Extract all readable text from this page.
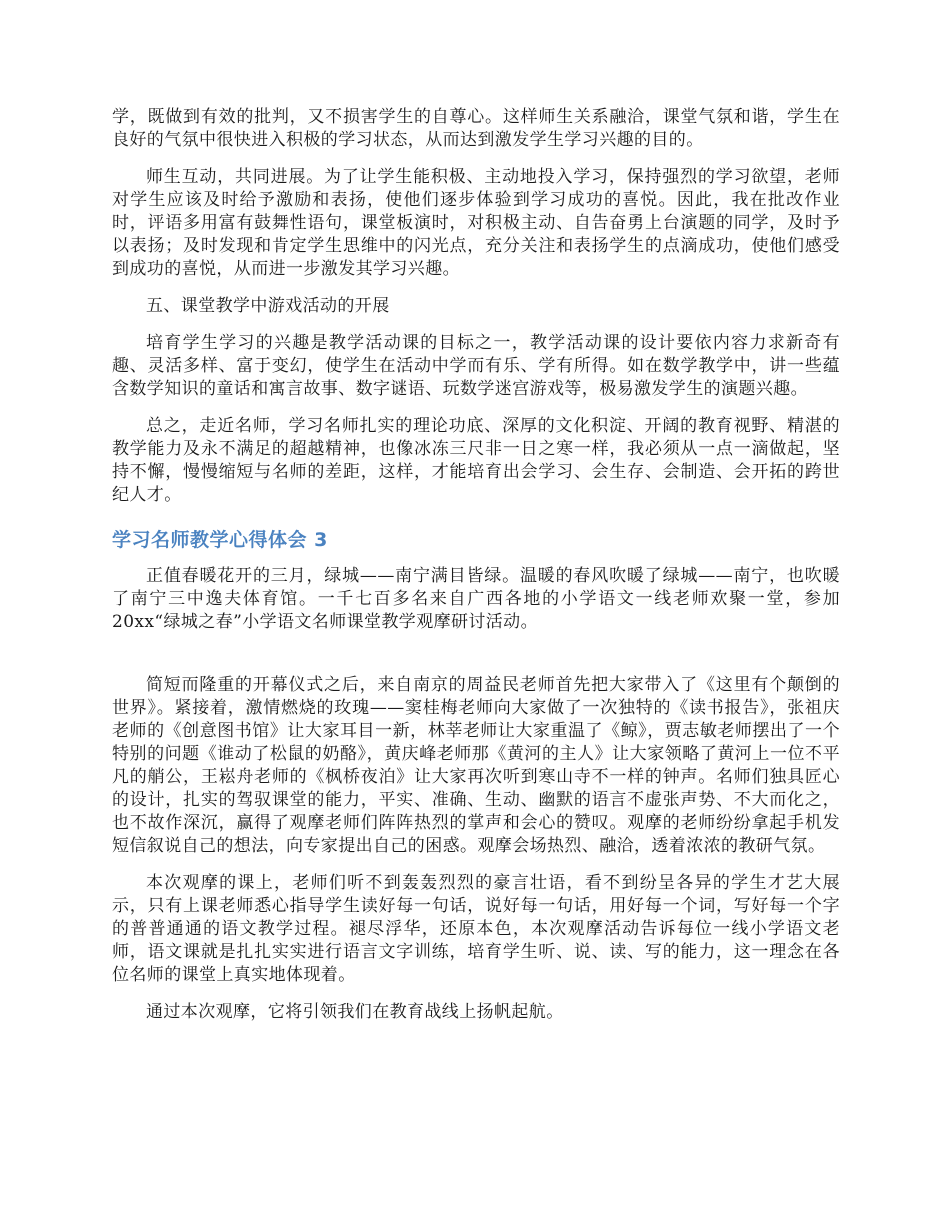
学，既做到有效的批判，又不损害学生的自尊心。这样师生关系融洽，课堂气氛和谐，学生在良好的气氛中很快进入积极的学习状态，从而达到激发学生学习兴趣的目的。

师生互动，共同进展。为了让学生能积极、主动地投入学习，保持强烈的学习欲望，老师对学生应该及时给予激励和表扬，使他们逐步体验到学习成功的喜悦。因此，我在批改作业时，评语多用富有鼓舞性语句，课堂板演时，对积极主动、自告奋勇上台演题的同学，及时予以表扬；及时发现和肯定学生思维中的闪光点，充分关注和表扬学生的点滴成功，使他们感受到成功的喜悦，从而进一步激发其学习兴趣。

五、课堂教学中游戏活动的开展

培育学生学习的兴趣是教学活动课的目标之一，教学活动课的设计要依内容力求新奇有趣、灵活多样、富于变幻，使学生在活动中学而有乐、学有所得。如在数学教学中，讲一些蕴含数学知识的童话和寓言故事、数字谜语、玩数学迷宫游戏等，极易激发学生的演题兴趣。

总之，走近名师，学习名师扎实的理论功底、深厚的文化积淀、开阔的教育视野、精湛的教学能力及永不满足的超越精神，也像冰冻三尺非一日之寒一样，我必须从一点一滴做起，坚持不懈，慢慢缩短与名师的差距，这样，才能培育出会学习、会生存、会制造、会开拓的跨世纪人才。

学习名师教学心得体会 3

正值春暖花开的三月，绿城——南宁满目皆绿。温暖的春风吹暖了绿城——南宁，也吹暖了南宁三中逸夫体育馆。一千七百多名来自广西各地的小学语文一线老师欢聚一堂，参加 20xx“绿城之春”小学语文名师课堂教学观摩研讨活动。

简短而隆重的开幕仪式之后，来自南京的周益民老师首先把大家带入了《这里有个颠倒的世界》。紧接着，激情燃烧的玫瑰——窦桂梅老师向大家做了一次独特的《读书报告》，张祖庆老师的《创意图书馆》让大家耳目一新，林莘老师让大家重温了《鲸》，贾志敏老师摆出了一个特别的问题《谁动了松鼠的奶酪》，黄庆峰老师那《黄河的主人》让大家领略了黄河上一位不平凡的艄公，王崧舟老师的《枫桥夜泊》让大家再次听到寒山寺不一样的钟声。名师们独具匠心的设计，扎实的驾驭课堂的能力，平实、准确、生动、幽默的语言不虚张声势、不大而化之，也不故作深沉，赢得了观摩老师们阵阵热烈的掌声和会心的赞叹。观摩的老师纷纷拿起手机发短信叙说自己的想法，向专家提出自己的困惑。观摩会场热烈、融洽，透着浓浓的教研气氛。

本次观摩的课上，老师们听不到轰轰烈烈的豪言壮语，看不到纷呈各异的学生才艺大展示，只有上课老师悉心指导学生读好每一句话，说好每一句话，用好每一个词，写好每一个字的普普通通的语文教学过程。褪尽浮华，还原本色，本次观摩活动告诉每位一线小学语文老师，语文课就是扎扎实实进行语言文字训练，培育学生听、说、读、写的能力，这一理念在各位名师的课堂上真实地体现着。

通过本次观摩，它将引领我们在教育战线上扬帆起航。
